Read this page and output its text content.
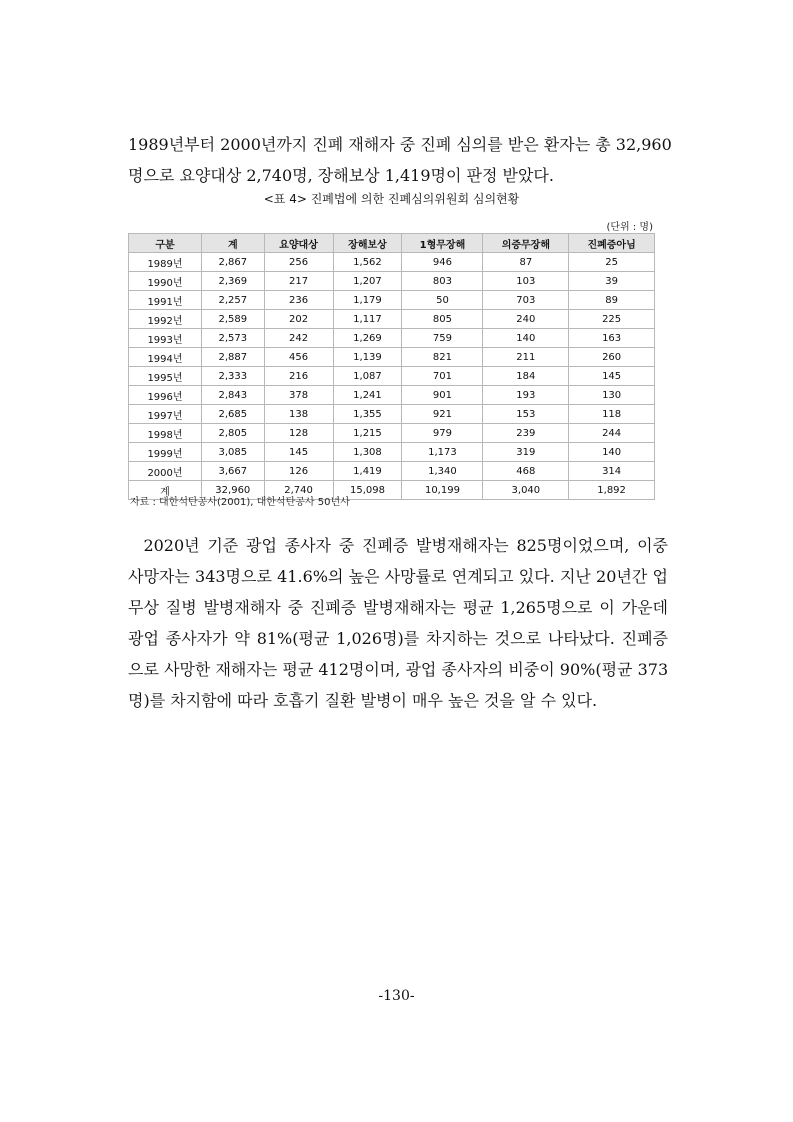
1989년부터 2000년까지 진폐 재해자 중 진폐 심의를 받은 환자는 총 32,960
명으로 요양대상 2,740명, 장해보상 1,419명이 판정 받았다.

<표 4> 진폐법에 의한 진폐심의위원회 심의현황
(단위 : 명)
구분	계	요양대상	장해보상	1형무장해	의증무장해	진폐증아님
1989년	2,867	256	1,562	946	87	25
1990년	2,369	217	1,207	803	103	39
1991년	2,257	236	1,179	50	703	89
1992년	2,589	202	1,117	805	240	225
1993년	2,573	242	1,269	759	140	163
1994년	2,887	456	1,139	821	211	260
1995년	2,333	216	1,087	701	184	145
1996년	2,843	378	1,241	901	193	130
1997년	2,685	138	1,355	921	153	118
1998년	2,805	128	1,215	979	239	244
1999년	3,085	145	1,308	1,173	319	140
2000년	3,667	126	1,419	1,340	468	314
계	32,960	2,740	15,098	10,199	3,040	1,892
자료 : 대한석탄공사(2001), 대한석탄공사 50년사

2020년 기준 광업 종사자 중 진폐증 발병재해자는 825명이었으며, 이중
사망자는 343명으로 41.6%의 높은 사망률로 연계되고 있다. 지난 20년간 업
무상 질병 발병재해자 중 진폐증 발병재해자는 평균 1,265명으로 이 가운데
광업 종사자가 약 81%(평균 1,026명)를 차지하는 것으로 나타났다. 진폐증
으로 사망한 재해자는 평균 412명이며, 광업 종사자의 비중이 90%(평균 373
명)를 차지함에 따라 호흡기 질환 발병이 매우 높은 것을 알 수 있다.

-130-
